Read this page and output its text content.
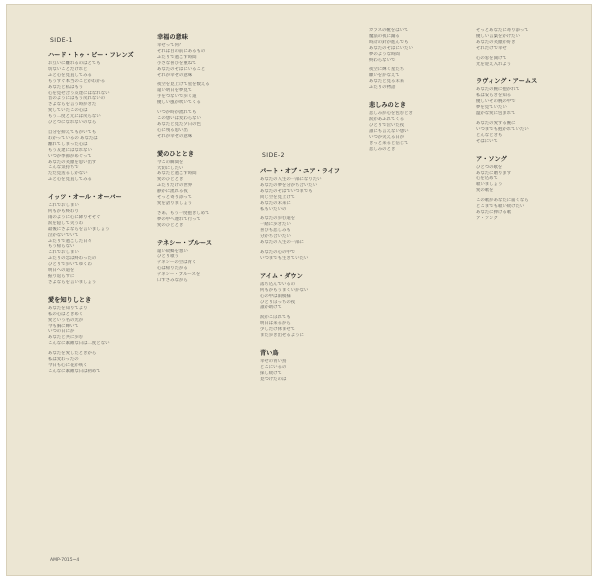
SIDE-1
SIDE-2
ハード・トゥ・ビー・フレンズ
お互いに離れるのはとても
切ないことだけれど
ふと心を見直してみる
もうすぐ本当のことがわかる
あなたと私はもう
心を見せ合う友達にはなれない
昔のようにはもう戻れないの
さよならを言う時がきた
愛していたこの心は
もう二度と元には戻らない
ひとつになれないのなら
自分を抑えてもがいても
わかっているの あなたは
離れてしまった心は
もう友達にはなれない
いつか季節がめぐって
あなたの笑顔を思い出す
こんな気持ちで
ただ見送るしかない
ふと心を見直してみる
イッツ・オール・オーバー
これでおしまい
何もかも終わり
雨のように心に降りそそぐ
涙を隠して笑うわ
最後にさよならを言いましょう
泣かないでいて
ふたりで過ごした日々
もう帰らない
これでおしまい
ふたりの恋は終わったの
ひとりで歩いてゆくわ
明日への道を
振り返らずに
さよならを言いましょう
愛を知りしとき
あなたを知りてより
私の心はときめく
愛という名の光が
今も胸に輝いて
いつの日にか
あなたと共に歩む
こんなに素敵な日は二度とない
あなたを愛したときから
私は変わったの
今日も心に花が咲く
こんなに素敵な日は初めて
幸福の意味
幸せって何？
それは目の前にあるもの
ふたりで過ごす時間
小さな喜びを重ねて
あなたのそばにいること
それが幸せの意味
夜空を見上げて星を数える
遠い明日を夢見て
手をつないで歩く道
優しい風が吹いてくる
いつか時が流れても
この想いは変わらない
あなたと見た夕日の色
心に残る思い出
それが幸せの意味
愛のひととき
今この瞬間を
大切にしたい
あなたと過ごす時間
愛のひととき
ふたりだけの世界
静かに流れる夜
そっと寄り添って
愛を語りましょう
さあ、もう一度抱きしめて
夢の中へ連れて行って
愛のひととき
テネシー・ブルース
遠い故郷を想い
ひとり歌う
テネシーの空は青く
心は帰りたがる
テネシー・ブルースを
口ずさみながら
パート・オブ・ユア・ライフ
あなたの人生の一部になりたい
あなたの夢を分かち合いたい
あなたのそばでいつまでも
同じ空を見上げて
あなたの未来に
私もいたいの
あなたの歩む道を
一緒に歩きたい
喜びも悲しみも
分かち合いたい
あなたの人生の一部に
あなたの心の中で
いつまでも生きていたい
アイム・ダウン
落ち込んでいるの
何もかもうまくいかない
心の中は雨模様
ひとりぼっちの夜
誰か助けて
涙がこぼれても
明日は来るから
少しだけ休ませて
また歩き出せるように
青い鳥
幸せの青い鳥
どこにいるの
探し続けて
見つけたのは
ガラスの靴をはいて
魔法の夜に踊る
時計の針が進んでも
あなたのそばにいたい
夢のような時間
終わらないで
夜空に輝く星たち
願いをかなえて
あなたと見る未来
ふたりの物語
悲しみのとき
悲しみが心を包むとき
涙があふれてくる
ひとりで泣いた夜
誰にも言えない想い
いつか笑える日が
きっと来ると信じて
悲しみのとき
そっとあなたに寄り添って
優しい言葉をかけたい
あなたの笑顔が好き
それだけで幸せ
心の窓を開けて
光を迎え入れよう
ラヴィング・アームス
あなたの腕に抱かれて
私は安らぎを知る
優しいその腕の中で
夢を見ていたい
温かな愛に包まれて
あなたの愛する腕に
いつまでも抱かれていたい
どんなときも
そばにいて
ア・ソング
ひとつの歌を
あなたに贈ります
心を込めて
歌いましょう
愛の歌を
この歌があなたに届くなら
どこまでも歌い続けたい
あなたに捧げる歌
ア・ソング
AMP-7015~4
